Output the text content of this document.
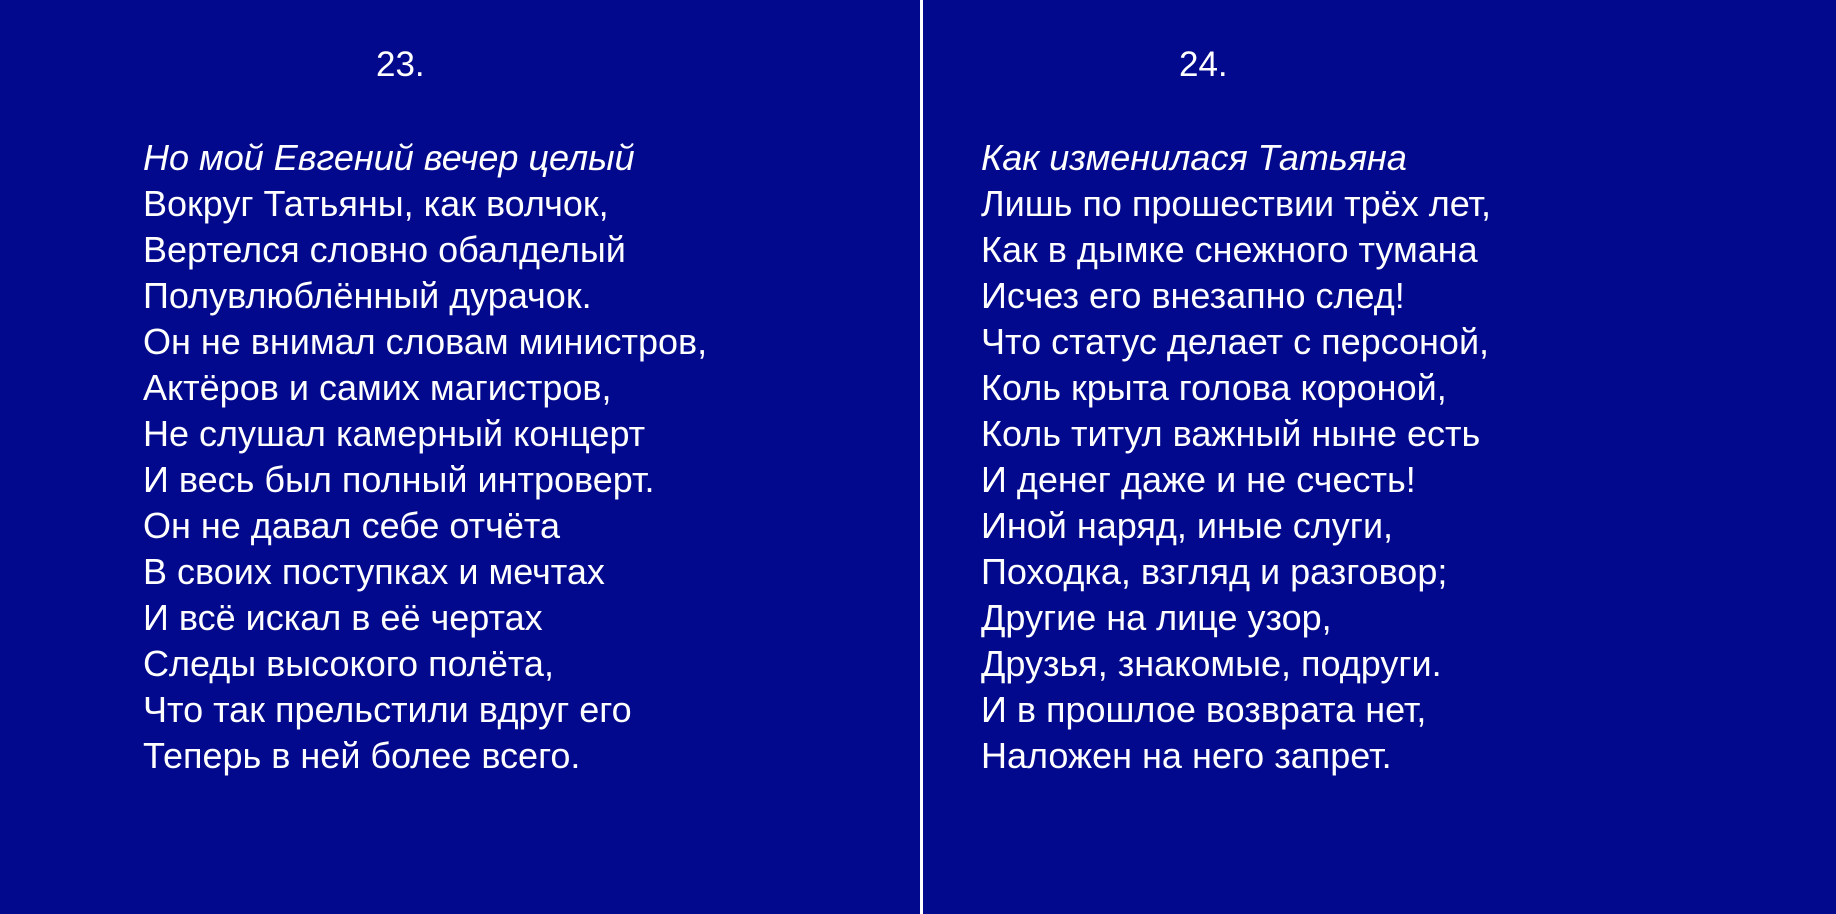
23.
Но мой Евгений вечер целый
Вокруг Татьяны, как волчок,
Вертелся словно обалделый
Полувлюблённый дурачок.
Он не внимал словам министров,
Актёров и самих магистров,
Не слушал камерный концерт
И весь был полный интроверт.
Он не давал себе отчёта
В своих поступках и мечтах
И всё искал в её чертах
Следы высокого полёта,
Что так прельстили вдруг его
Теперь в ней более всего.
24.
Как изменилася Татьяна
Лишь по прошествии трёх лет,
Как в дымке снежного тумана
Исчез его внезапно след!
Что статус делает с персоной,
Коль крыта голова короной,
Коль титул важный ныне есть
И денег даже и не счесть!
Иной наряд, иные слуги,
Походка, взгляд и разговор;
Другие на лице узор,
Друзья, знакомые, подруги.
И в прошлое возврата нет,
Наложен на него запрет.
